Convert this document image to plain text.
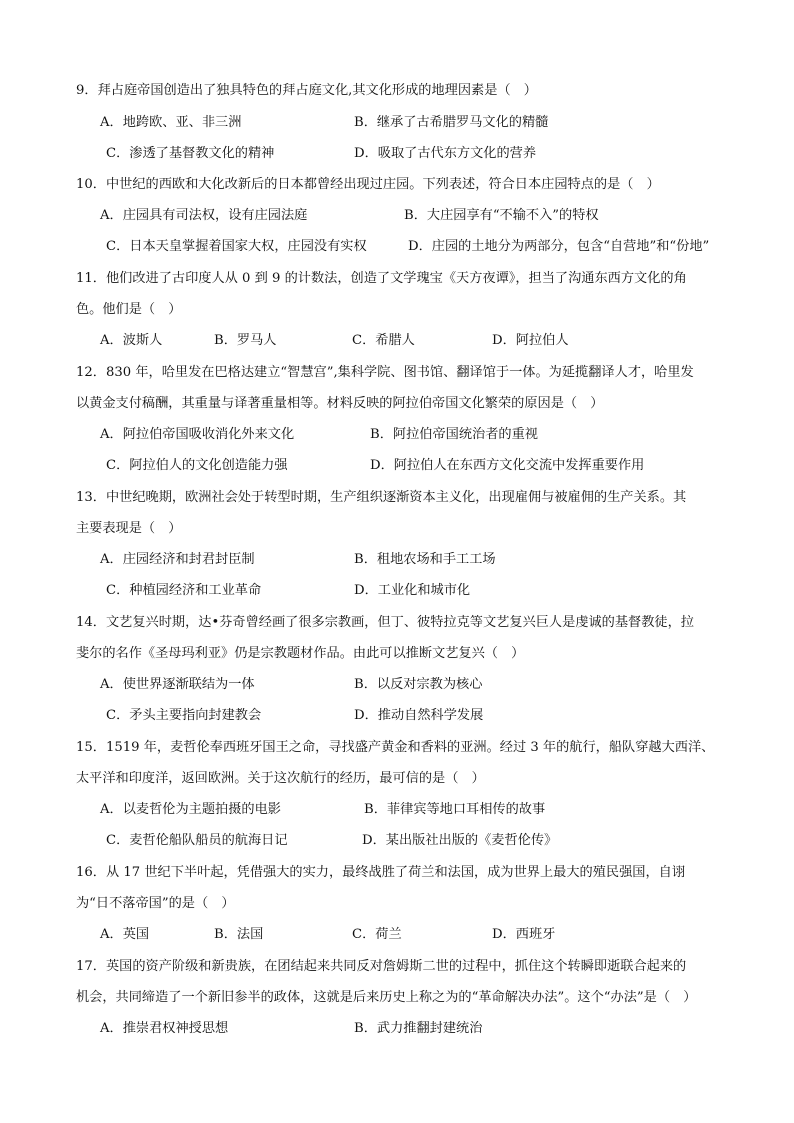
9．拜占庭帝国创造出了独具特色的拜占庭文化,其文化形成的地理因素是（　）
A．地跨欧、亚、非三洲	B．继承了古希腊罗马文化的精髓
C．渗透了基督教文化的精神	D．吸取了古代东方文化的营养
10．中世纪的西欧和大化改新后的日本都曾经出现过庄园。下列表述，符合日本庄园特点的是（　）
A．庄园具有司法权，设有庄园法庭	B．大庄园享有“不输不入”的特权
C．日本天皇掌握着国家大权，庄园没有实权	D．庄园的土地分为两部分，包含“自营地”和“份地”
11．他们改进了古印度人从 0 到 9 的计数法，创造了文学瑰宝《天方夜谭》，担当了沟通东西方文化的角
色。他们是（　）
A．波斯人	B．罗马人	C．希腊人	D．阿拉伯人
12．830 年，哈里发在巴格达建立“智慧宫”,集科学院、图书馆、翻译馆于一体。为延揽翻译人才，哈里发
以黄金支付稿酬，其重量与译著重量相等。材料反映的阿拉伯帝国文化繁荣的原因是（　）
A．阿拉伯帝国吸收消化外来文化	B．阿拉伯帝国统治者的重视
C．阿拉伯人的文化创造能力强	D．阿拉伯人在东西方文化交流中发挥重要作用
13．中世纪晚期，欧洲社会处于转型时期，生产组织逐渐资本主义化，出现雇佣与被雇佣的生产关系。其
主要表现是（　）
A．庄园经济和封君封臣制	B．租地农场和手工工场
C．种植园经济和工业革命	D．工业化和城市化
14．文艺复兴时期，达•芬奇曾经画了很多宗教画，但丁、彼特拉克等文艺复兴巨人是虔诚的基督教徒，拉
斐尔的名作《圣母玛利亚》仍是宗教题材作品。由此可以推断文艺复兴（　）
A．使世界逐渐联结为一体	B．以反对宗教为核心
C．矛头主要指向封建教会	D．推动自然科学发展
15．1519 年，麦哲伦奉西班牙国王之命，寻找盛产黄金和香料的亚洲。经过 3 年的航行，船队穿越大西洋、
太平洋和印度洋，返回欧洲。关于这次航行的经历，最可信的是（　）
A．以麦哲伦为主题拍摄的电影	B．菲律宾等地口耳相传的故事
C．麦哲伦船队船员的航海日记	D．某出版社出版的《麦哲伦传》
16．从 17 世纪下半叶起，凭借强大的实力，最终战胜了荷兰和法国，成为世界上最大的殖民强国，自诩
为“日不落帝国”的是（　）
A．英国	B．法国	C．荷兰	D．西班牙
17．英国的资产阶级和新贵族，在团结起来共同反对詹姆斯二世的过程中，抓住这个转瞬即逝联合起来的
机会，共同缔造了一个新旧参半的政体，这就是后来历史上称之为的“革命解决办法”。这个“办法”是（　）
A．推崇君权神授思想	B．武力推翻封建统治
